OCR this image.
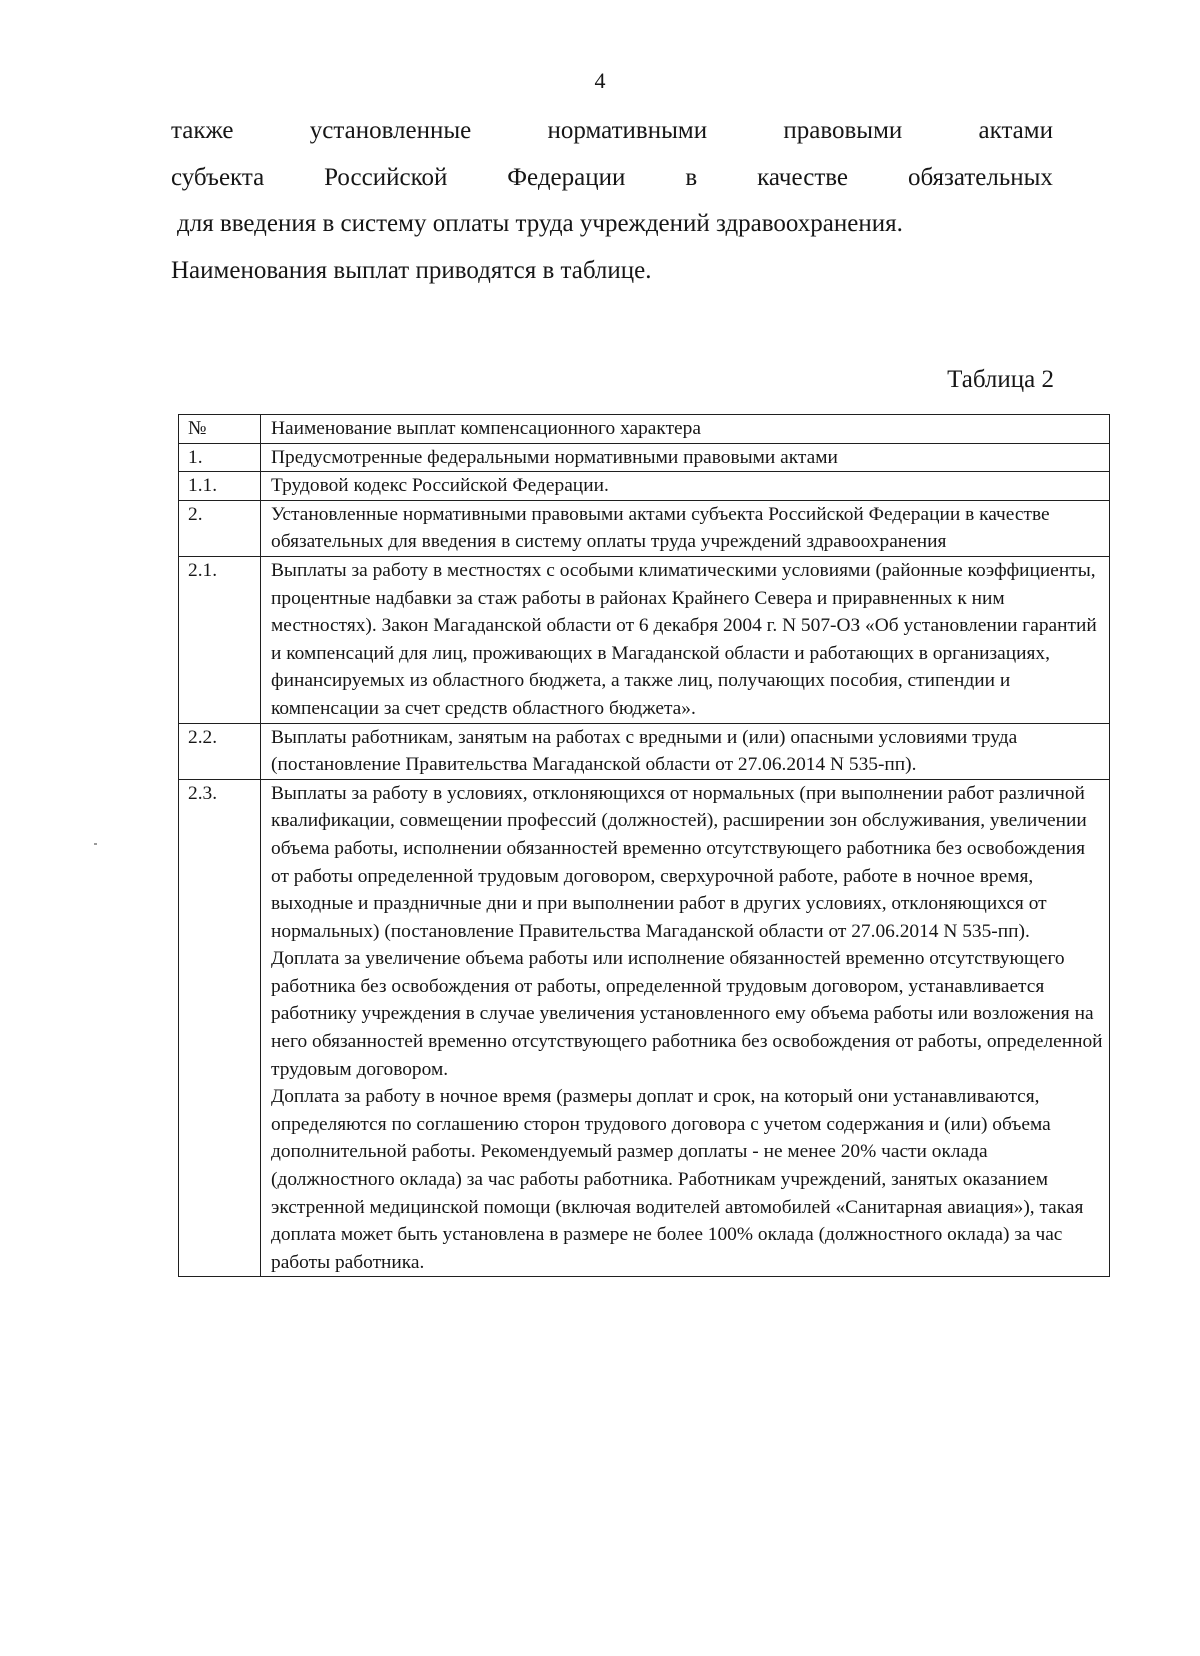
4
также	установленные	нормативными	правовыми	актами
субъекта Российской Федерации в качестве обязательных
для введения в систему оплаты труда учреждений здравоохранения.
Наименования выплат приводятся в таблице.
Таблица 2
№	Наименование выплат компенсационного характера
1.	Предусмотренные федеральными нормативными правовыми актами

1.1.	Трудовой кодекс Российской Федерации.

2.	Установленные нормативными правовыми актами субъекта Российской Федерации в качестве обязательных для введения в систему оплаты труда учреждений здравоохранения

2.1.	Выплаты за работу в местностях с особыми климатическими условиями (районные коэффициенты, процентные надбавки за стаж работы в районах Крайнего Севера и приравненных к ним местностях). Закон Магаданской области от 6 декабря 2004 г. N 507-ОЗ «Об установлении гарантий и компенсаций для лиц, проживающих в Магаданской области и работающих в организациях, финансируемых из областного бюджета, а также лиц, получающих пособия, стипендии и компенсации за счет средств областного бюджета».

2.2.	Выплаты работникам, занятым на работах с вредными и (или) опасными условиями труда (постановление Правительства Магаданской области от 27.06.2014 N 535-пп).

2.3.	Выплаты за работу в условиях, отклоняющихся от нормальных (при выполнении работ различной квалификации, совмещении профессий (должностей), расширении зон обслуживания, увеличении объема работы, исполнении обязанностей временно отсутствующего работника без освобождения от работы определенной трудовым договором, сверхурочной работе, работе в ночное время, выходные и праздничные дни и при выполнении работ в других условиях, отклоняющихся от нормальных) (постановление Правительства Магаданской области от 27.06.2014 N 535-пп).
Доплата за увеличение объема работы или исполнение обязанностей временно отсутствующего работника без освобождения от работы, определенной трудовым договором, устанавливается работнику учреждения в случае увеличения установленного ему объема работы или возложения на него обязанностей временно отсутствующего работника без освобождения от работы, определенной трудовым договором.
Доплата за работу в ночное время (размеры доплат и срок, на который они устанавливаются, определяются по соглашению сторон трудового договора с учетом содержания и (или) объема дополнительной работы. Рекомендуемый размер доплаты - не менее 20% части оклада (должностного оклада) за час работы работника. Работникам учреждений, занятых оказанием экстренной медицинской помощи (включая водителей автомобилей «Санитарная авиация»), такая доплата может быть установлена в размере не более 100% оклада (должностного оклада) за час работы работника.
